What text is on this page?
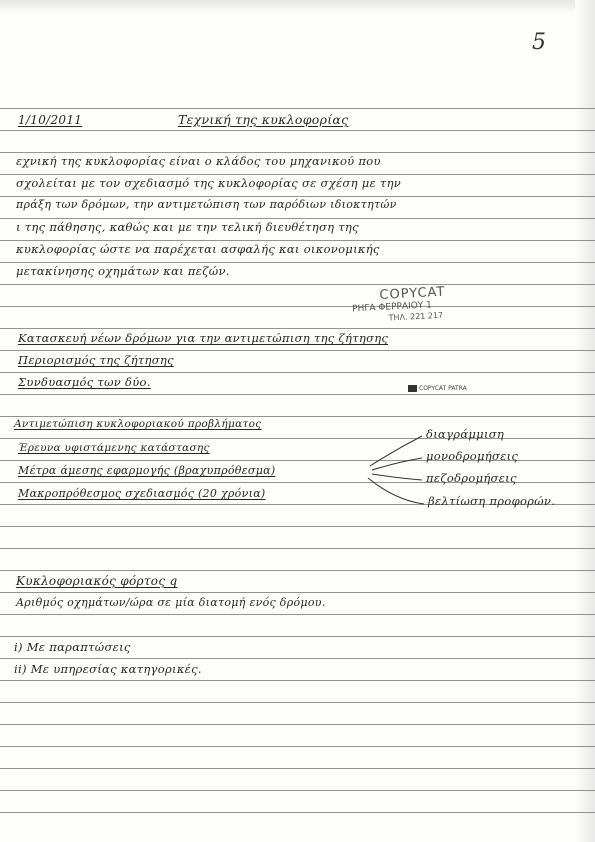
5
1/10/2011	Τεχνική της κυκλοφορίας
εχνική της κυκλοφορίας είναι ο κλάδος του μηχανικού που
σχολείται με τον σχεδιασμό της κυκλοφορίας σε σχέση με την
πράξη των δρόμων, την αντιμετώπιση των παρόδιων ιδιοκτητών
ι της πάθησης, καθώς και με την τελική διευθέτηση της
κυκλοφορίας ώστε να παρέχεται ασφαλής και οικονομικής
μετακίνησης οχημάτων και πεζών.
COPYCAT
ΡΗΓΑ ΦΕΡΡΑΙΟΥ 1
ΤΗΛ. 221 217
Κατασκευή νέων δρόμων για την αντιμετώπιση της ζήτησης
Περιορισμός της ζήτησης
Συνδυασμός των δύο.	COPYCAT PATRA
Αντιμετώπιση κυκλοφοριακού προβλήματος
Έρευνα υφιστάμενης κατάστασης
Μέτρα άμεσης εφαρμογής (βραχυπρόθεσμα)
Μακροπρόθεσμος σχεδιασμός (20 χρόνια)
διαγράμμιση
μονοδρομήσεις
πεζοδρομήσεις
βελτίωση προφορών.
Κυκλοφοριακός φόρτος q
Αριθμός οχημάτων/ώρα σε μία διατομή ενός δρόμου.
i) Με παραπτώσεις
ii) Με υπηρεσίας κατηγορικές.
